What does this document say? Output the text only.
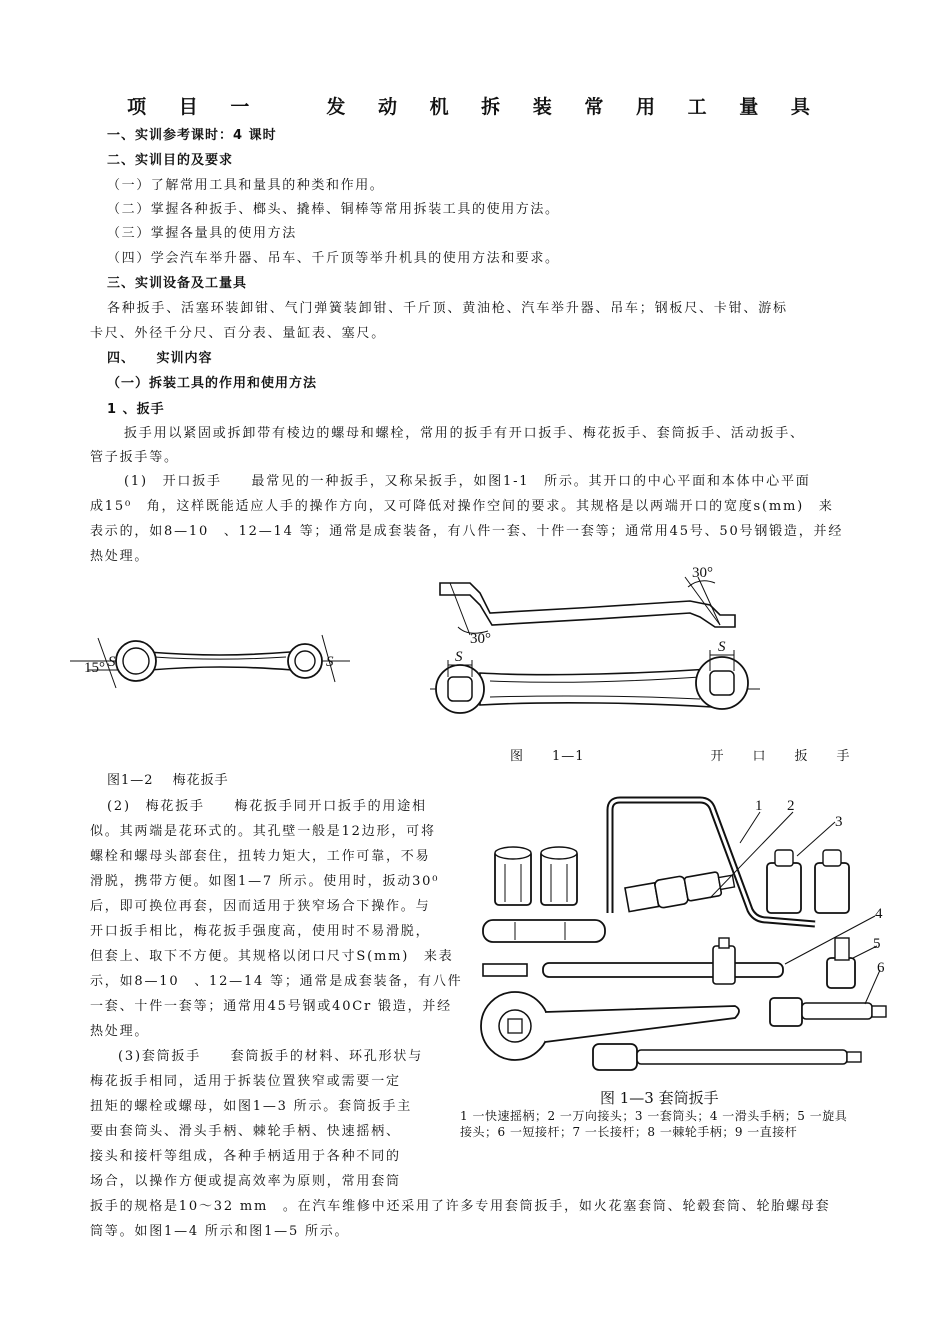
项 目 一　　发 动 机 拆 装 常 用 工 量 具
一、实训参考课时：4 课时
二、实训目的及要求
（一）了解常用工具和量具的种类和作用。
（二）掌握各种扳手、榔头、撬棒、铜棒等常用拆装工具的使用方法。
（三）掌握各量具的使用方法
（四）学会汽车举升器、吊车、千斤顶等举升机具的使用方法和要求。
三、实训设备及工量具
各种扳手、活塞环装卸钳、气门弹簧装卸钳、千斤顶、黄油枪、汽车举升器、吊车；钢板尺、卡钳、游标
卡尺、外径千分尺、百分表、量缸表、塞尺。
四、　　实训内容
（一）拆装工具的作用和使用方法
1 、扳手
扳手用以紧固或拆卸带有棱边的螺母和螺栓，常用的扳手有开口扳手、梅花扳手、套筒扳手、活动扳手、
管子扳手等。
(1)　开口扳手　　最常见的一种扳手，又称呆扳手，如图1-1　所示。其开口的中心平面和本体中心平面
成15⁰　角，这样既能适应人手的操作方向，又可降低对操作空间的要求。其规格是以两端开口的宽度s(mm)　来
表示的，如8—10　、12—14 等；通常是成套装备，有八件一套、十件一套等；通常用45号、50号钢锻造，并经
热处理。
15° S	S
30°
30°
S
S
图　　1—1　　　　　　　　　开　　口　　扳　　手
图1—2　 梅花扳手
(2)　梅花扳手　　梅花扳手同开口扳手的用途相
似。其两端是花环式的。其孔壁一般是12边形，可将
螺栓和螺母头部套住，扭转力矩大，工作可靠，不易
滑脱，携带方便。如图1—7 所示。使用时，扳动30⁰
后，即可换位再套，因而适用于狭窄场合下操作。与
开口扳手相比，梅花扳手强度高，使用时不易滑脱，
但套上、取下不方便。其规格以闭口尺寸S(mm)　来表
示，如8—10　、12—14 等；通常是成套装备，有八件
一套、十件一套等；通常用45号钢或40Cr 锻造，并经
热处理。
(3)套筒扳手　　套筒扳手的材料、环孔形状与
梅花扳手相同，适用于拆装位置狭窄或需要一定
扭矩的螺栓或螺母，如图1—3 所示。套筒扳手主
要由套筒头、滑头手柄、棘轮手柄、快速摇柄、
接头和接杆等组成，各种手柄适用于各种不同的
场合，以操作方便或提高效率为原则，常用套筒
扳手的规格是10～32 mm　。在汽车维修中还采用了许多专用套筒扳手，如火花塞套筒、轮毂套筒、轮胎螺母套
筒等。如图1—4 所示和图1—5 所示。
1 2
3
4
5
6
图 1—3 套筒扳手
1 一快速摇柄；2 一万向接头；3 一套筒头；4 一滑头手柄；5 一旋具
接头；6 一短接杆；7 一长接杆；8 一棘轮手柄；9 一直接杆
